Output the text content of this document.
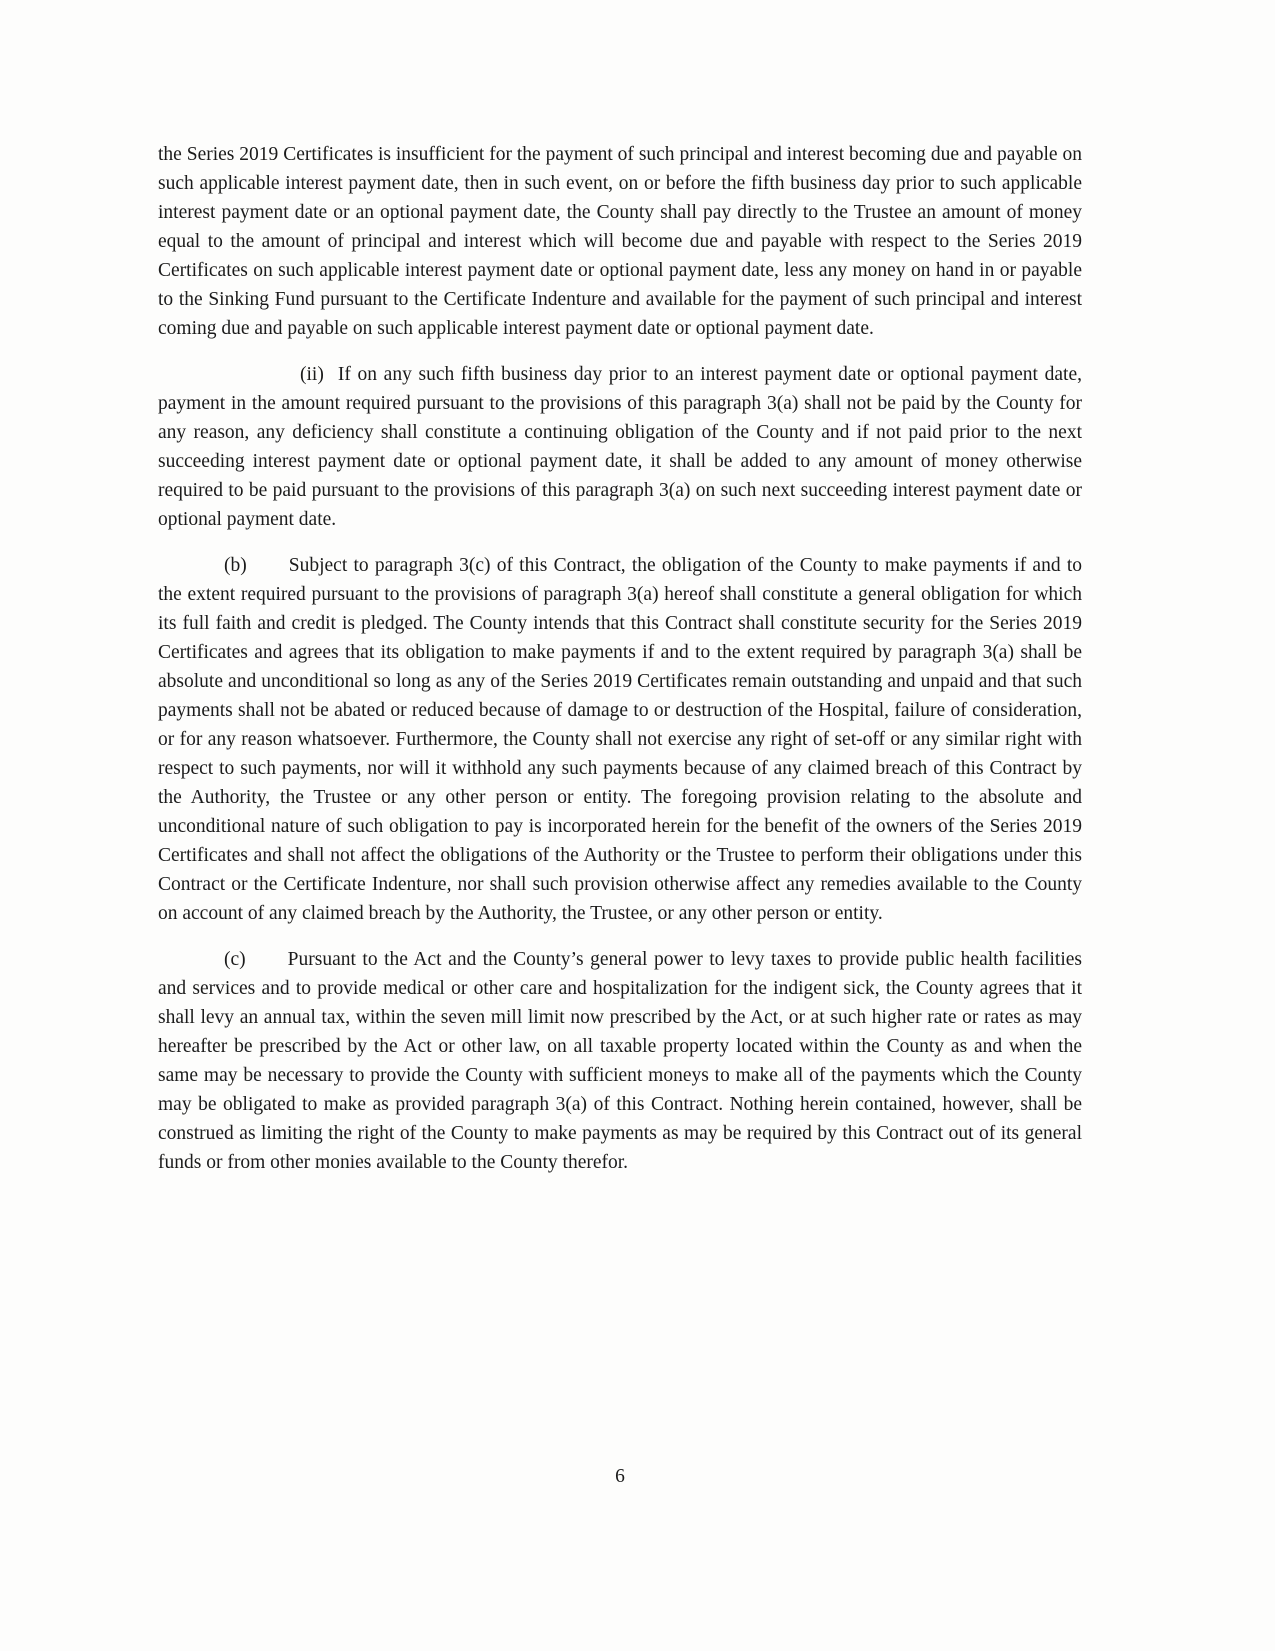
the Series 2019 Certificates is insufficient for the payment of such principal and interest becoming due and payable on such applicable interest payment date, then in such event, on or before the fifth business day prior to such applicable interest payment date or an optional payment date, the County shall pay directly to the Trustee an amount of money equal to the amount of principal and interest which will become due and payable with respect to the Series 2019 Certificates on such applicable interest payment date or optional payment date, less any money on hand in or payable to the Sinking Fund pursuant to the Certificate Indenture and available for the payment of such principal and interest coming due and payable on such applicable interest payment date or optional payment date.

(ii) If on any such fifth business day prior to an interest payment date or optional payment date, payment in the amount required pursuant to the provisions of this paragraph 3(a) shall not be paid by the County for any reason, any deficiency shall constitute a continuing obligation of the County and if not paid prior to the next succeeding interest payment date or optional payment date, it shall be added to any amount of money otherwise required to be paid pursuant to the provisions of this paragraph 3(a) on such next succeeding interest payment date or optional payment date.

(b) Subject to paragraph 3(c) of this Contract, the obligation of the County to make payments if and to the extent required pursuant to the provisions of paragraph 3(a) hereof shall constitute a general obligation for which its full faith and credit is pledged. The County intends that this Contract shall constitute security for the Series 2019 Certificates and agrees that its obligation to make payments if and to the extent required by paragraph 3(a) shall be absolute and unconditional so long as any of the Series 2019 Certificates remain outstanding and unpaid and that such payments shall not be abated or reduced because of damage to or destruction of the Hospital, failure of consideration, or for any reason whatsoever. Furthermore, the County shall not exercise any right of set-off or any similar right with respect to such payments, nor will it withhold any such payments because of any claimed breach of this Contract by the Authority, the Trustee or any other person or entity. The foregoing provision relating to the absolute and unconditional nature of such obligation to pay is incorporated herein for the benefit of the owners of the Series 2019 Certificates and shall not affect the obligations of the Authority or the Trustee to perform their obligations under this Contract or the Certificate Indenture, nor shall such provision otherwise affect any remedies available to the County on account of any claimed breach by the Authority, the Trustee, or any other person or entity.

(c) Pursuant to the Act and the County’s general power to levy taxes to provide public health facilities and services and to provide medical or other care and hospitalization for the indigent sick, the County agrees that it shall levy an annual tax, within the seven mill limit now prescribed by the Act, or at such higher rate or rates as may hereafter be prescribed by the Act or other law, on all taxable property located within the County as and when the same may be necessary to provide the County with sufficient moneys to make all of the payments which the County may be obligated to make as provided paragraph 3(a) of this Contract. Nothing herein contained, however, shall be construed as limiting the right of the County to make payments as may be required by this Contract out of its general funds or from other monies available to the County therefor.

6
